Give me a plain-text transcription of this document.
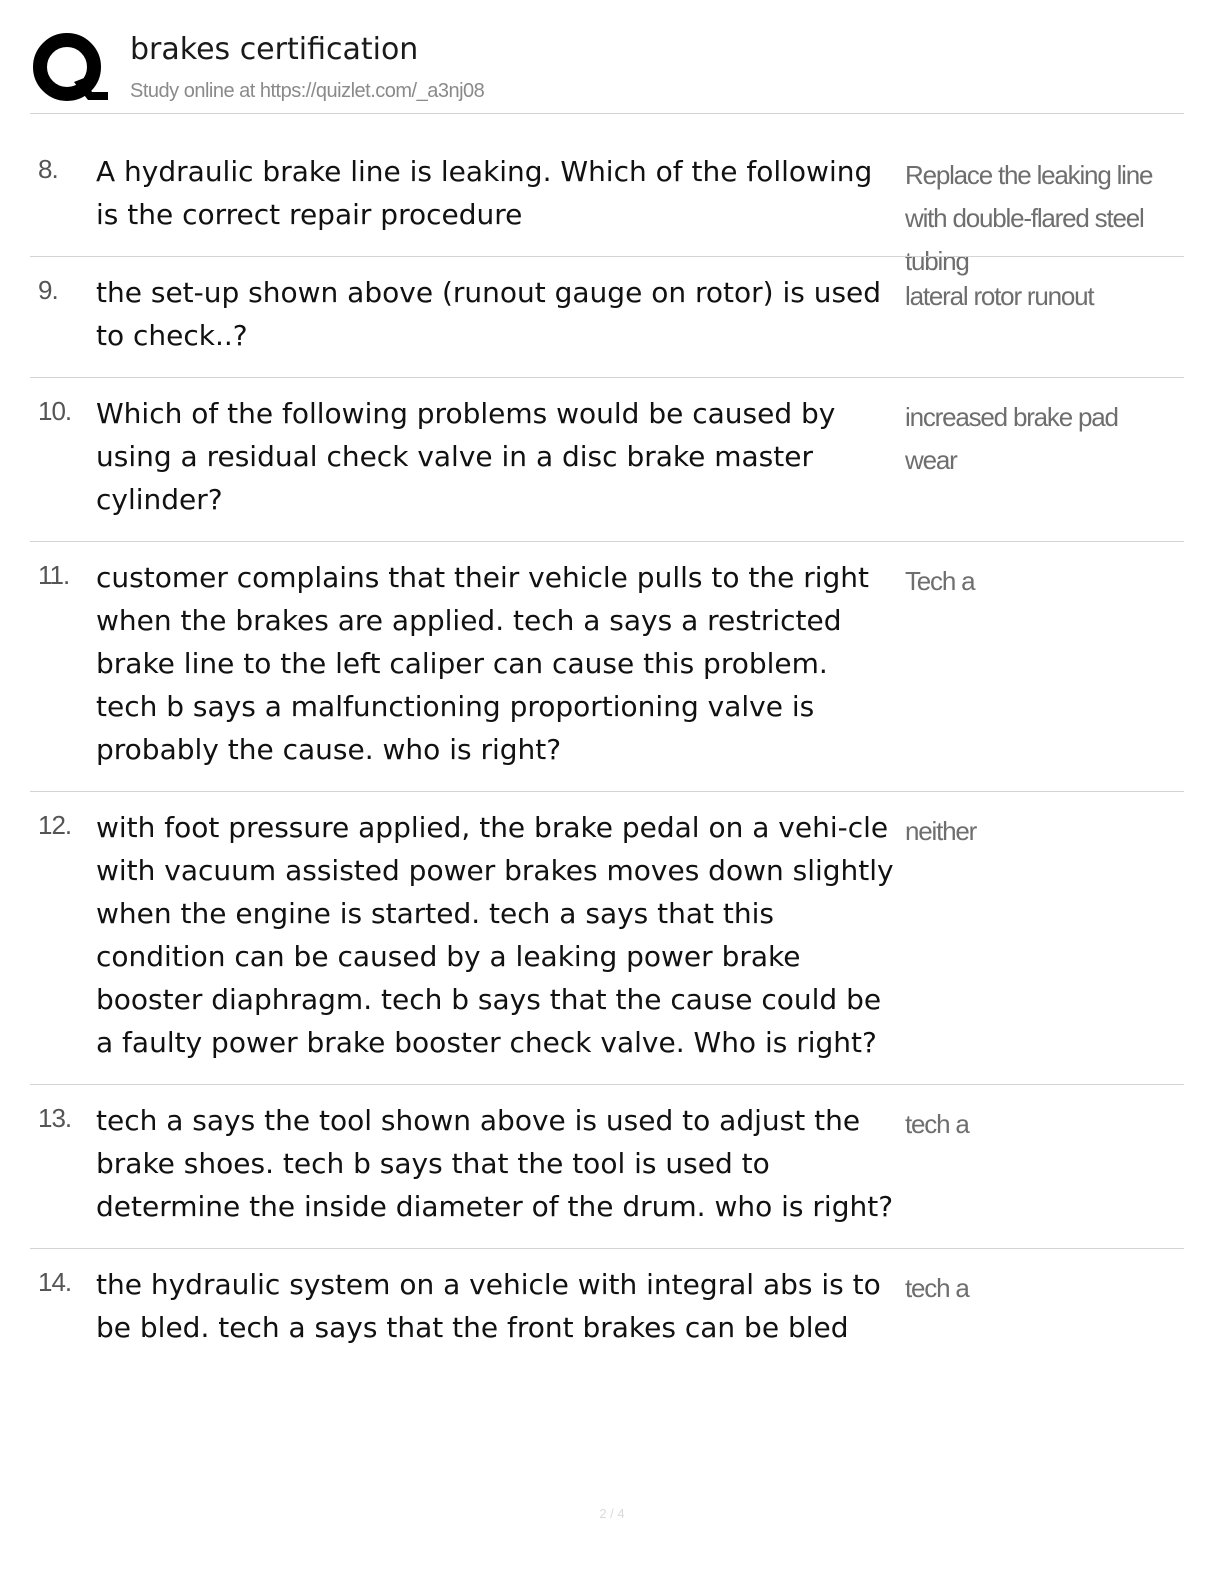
brakes certification
Study online at https://quizlet.com/_a3nj08
8. A hydraulic brake line is leaking. Which of the following is the correct repair procedure
Replace the leaking line with double-flared steel tubing
9. the set-up shown above (runout gauge on rotor) is used to check..?
lateral rotor runout
10. Which of the following problems would be caused by using a residual check valve in a disc brake master cylinder?
increased brake pad wear
11. customer complains that their vehicle pulls to the right when the brakes are applied. tech a says a restricted brake line to the left caliper can cause this problem. tech b says a malfunctioning proportioning valve is probably the cause. who is right?
Tech a
12. with foot pressure applied, the brake pedal on a vehi-cle with vacuum assisted power brakes moves down slightly when the engine is started. tech a says that this condition can be caused by a leaking power brake booster diaphragm. tech b says that the cause could be a faulty power brake booster check valve. Who is right?
neither
13. tech a says the tool shown above is used to adjust the brake shoes. tech b says that the tool is used to determine the inside diameter of the drum. who is right?
tech a
14. the hydraulic system on a vehicle with integral abs is to be bled. tech a says that the front brakes can be bled
tech a
2 / 4
